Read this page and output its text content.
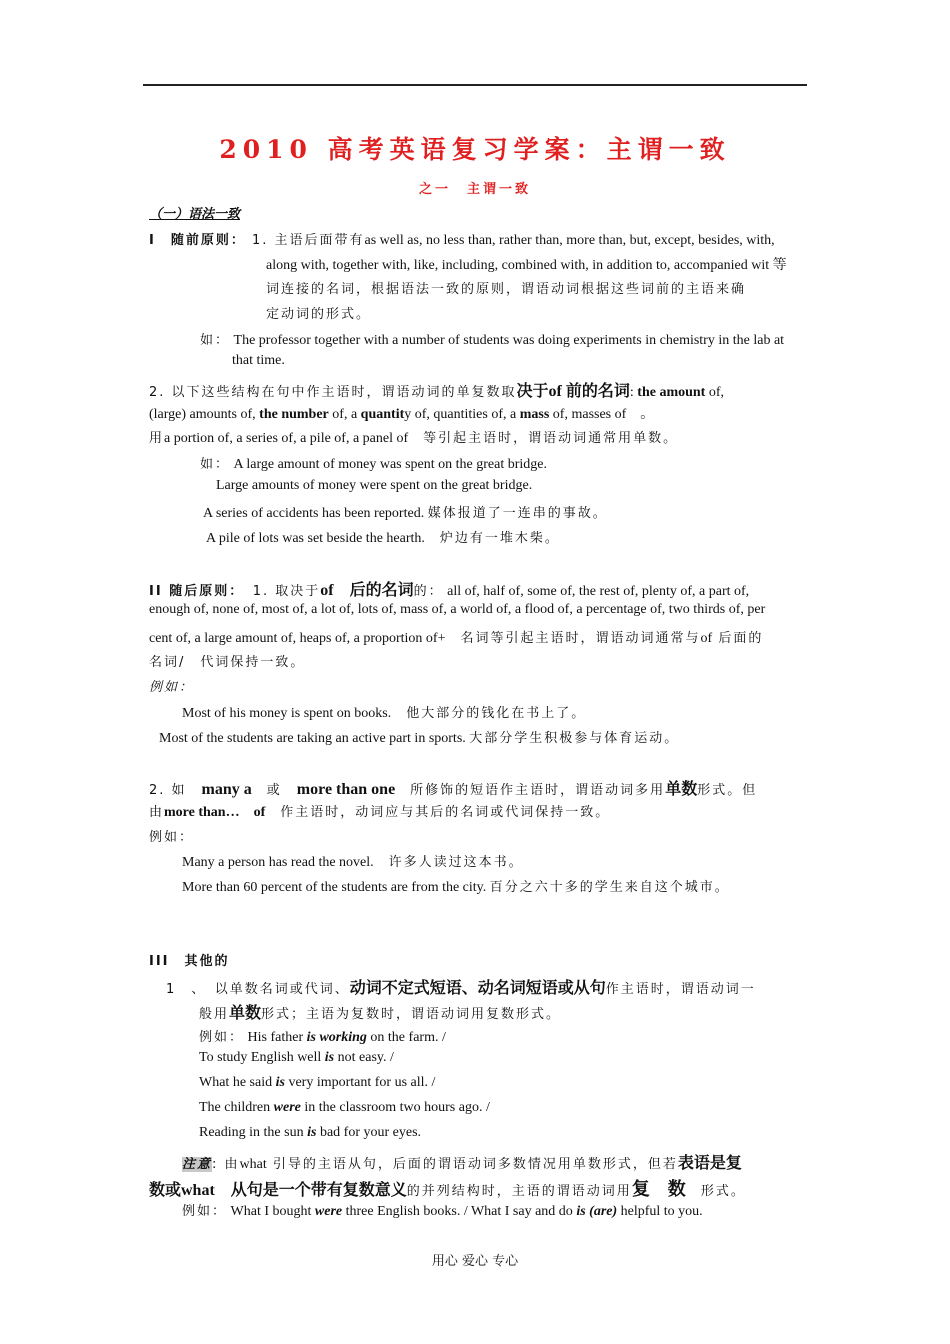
2010 高考英语复习学案：主谓一致
之一　主谓一致
（一）语法一致
I　随前原则： 1. 主语后面带有as well as, no less than, rather than, more than, but, except, besides, with,
along with, together with, like, including, combined with, in addition to, accompanied wit 等
词连接的名词，根据语法一致的原则，谓语动词根据这些词前的主语来确
定动词的形式。
如： The professor together with a number of students was doing experiments in chemistry in the lab at
that time.
2. 以下这些结构在句中作主语时，谓语动词的单复数取决于of 前的名词: the amount of,
(large) amounts of, the number of, a quantity of, quantities of, a mass of, masses of　。
用a portion of, a series of, a pile of, a panel of　等引起主语时，谓语动词通常用单数。
如： A large amount of money was spent on the great bridge.
Large amounts of money were spent on the great bridge.
A series of accidents has been reported. 媒体报道了一连串的事故。
A pile of lots was set beside the hearth.　炉边有一堆木柴。
II 随后原则：　1. 取决于of　后的名词的： all of, half of, some of, the rest of, plenty of, a part of,
enough of, none of, most of, a lot of, lots of, mass of, a world of, a flood of, a percentage of, two thirds of, per
cent of, a large amount of, heaps of, a proportion of+　名词等引起主语时，谓语动词通常与of 后面的
名词/　代词保持一致。
例如：
Most of his money is spent on books.　他大部分的钱化在书上了。
Most of the students are taking an active part in sports. 大部分学生积极参与体育运动。
2. 如　many a　或　more than one　所修饰的短语作主语时，谓语动词多用单数形式。但
由more than…　of　作主语时，动词应与其后的名词或代词保持一致。
例如：
Many a person has read the novel.　许多人读过这本书。
More than 60 percent of the students are from the city. 百分之六十多的学生来自这个城市。
III　其他的
1　、　以单数名词或代词、动词不定式短语、动名词短语或从句作主语时，谓语动词一
般用单数形式；主语为复数时，谓语动词用复数形式。
例如： His father is working on the farm. /
To study English well is not easy. /
What he said is very important for us all. /
The children were in the classroom two hours ago. /
Reading in the sun is bad for your eyes.
注意: 由what 引导的主语从句，后面的谓语动词多数情况用单数形式，但若表语是复
数或what　从句是一个带有复数意义的并列结构时，主语的谓语动词用复　数　形式。
例如： What I bought were three English books. / What I say and do is (are) helpful to you.
用心 爱心 专心
